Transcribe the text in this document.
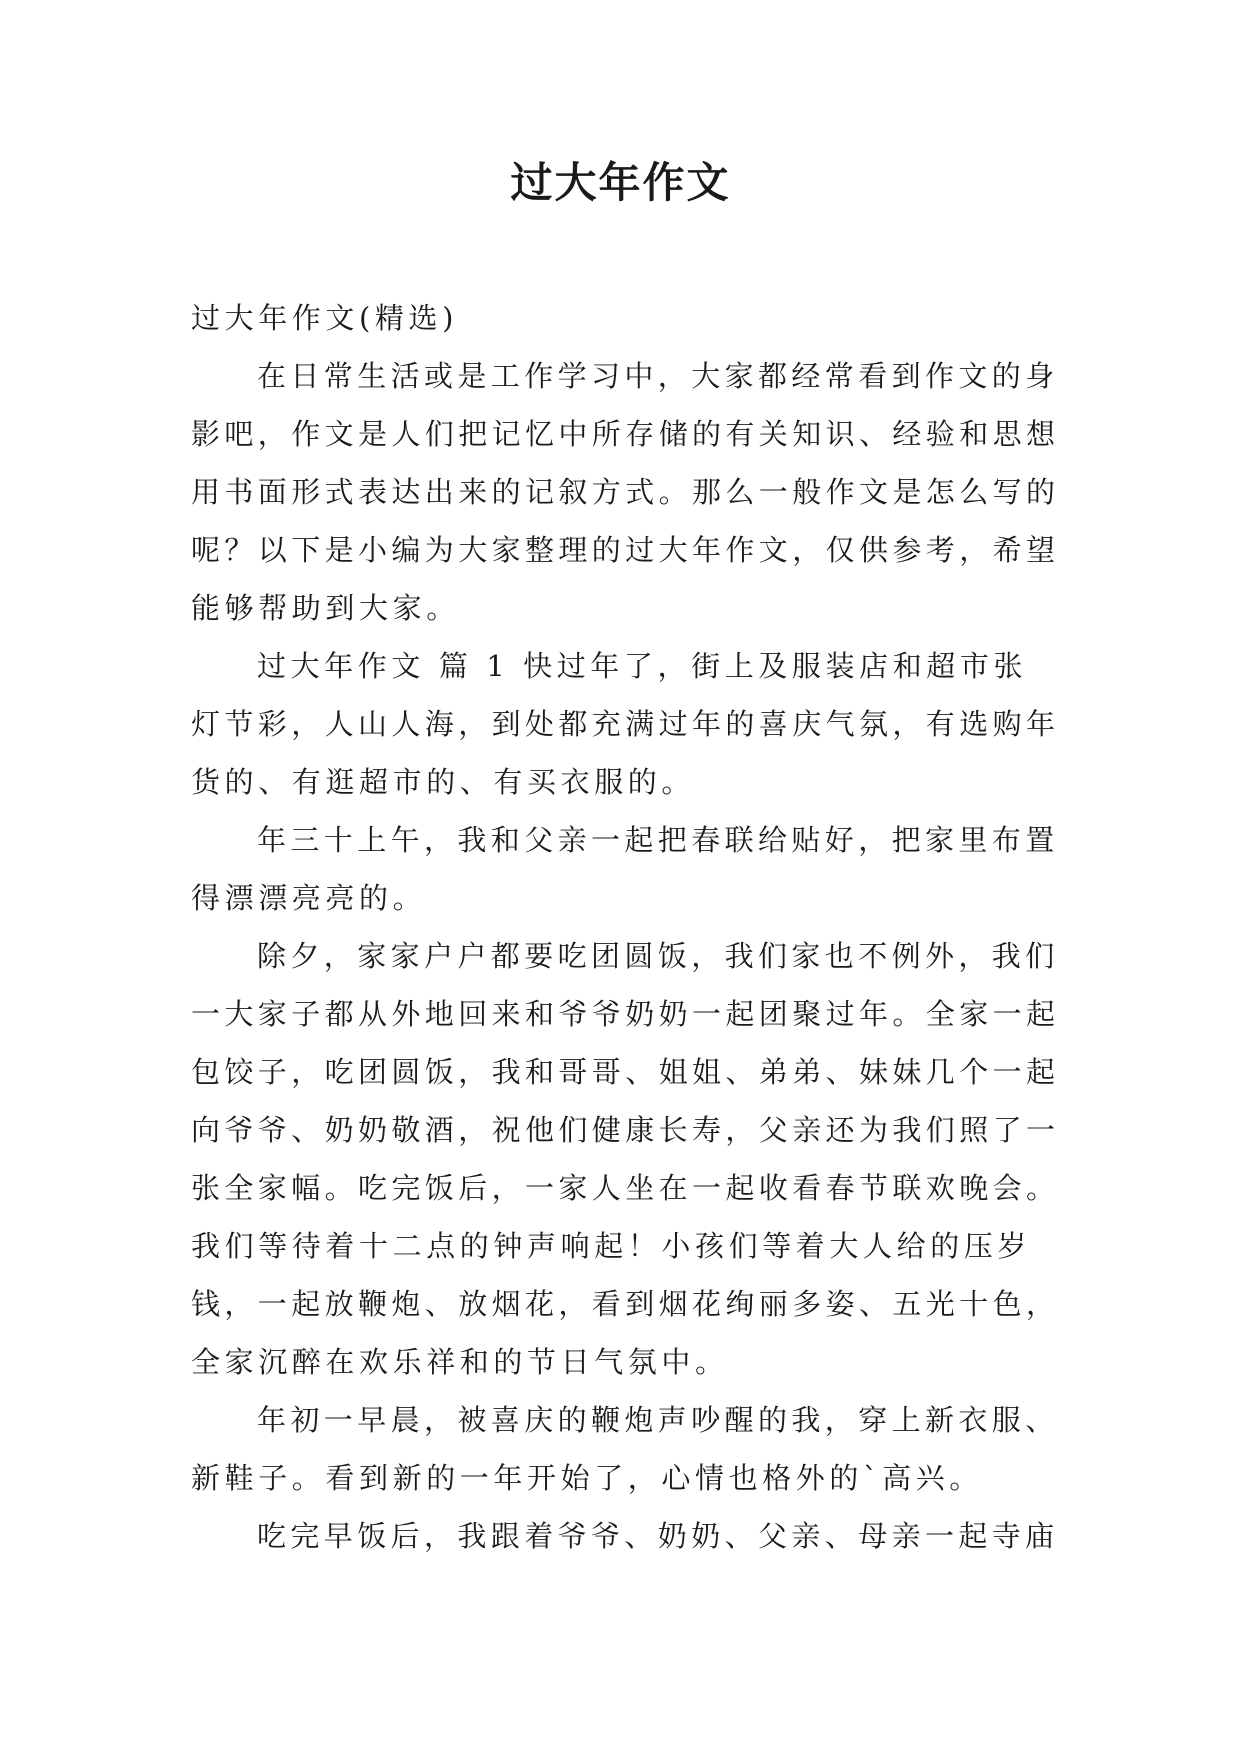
过大年作文
过大年作文(精选)
在日常生活或是工作学习中，大家都经常看到作文的身
影吧，作文是人们把记忆中所存储的有关知识、经验和思想
用书面形式表达出来的记叙方式。那么一般作文是怎么写的
呢？以下是小编为大家整理的过大年作文，仅供参考，希望
能够帮助到大家。
过大年作文 篇 1 快过年了，街上及服装店和超市张
灯节彩，人山人海，到处都充满过年的喜庆气氛，有选购年
货的、有逛超市的、有买衣服的。
年三十上午，我和父亲一起把春联给贴好，把家里布置
得漂漂亮亮的。
除夕，家家户户都要吃团圆饭，我们家也不例外，我们
一大家子都从外地回来和爷爷奶奶一起团聚过年。全家一起
包饺子，吃团圆饭，我和哥哥、姐姐、弟弟、妹妹几个一起
向爷爷、奶奶敬酒，祝他们健康长寿，父亲还为我们照了一
张全家幅。吃完饭后，一家人坐在一起收看春节联欢晚会。
我们等待着十二点的钟声响起！小孩们等着大人给的压岁
钱，一起放鞭炮、放烟花，看到烟花绚丽多姿、五光十色，
全家沉醉在欢乐祥和的节日气氛中。
年初一早晨，被喜庆的鞭炮声吵醒的我，穿上新衣服、
新鞋子。看到新的一年开始了，心情也格外的`高兴。
吃完早饭后，我跟着爷爷、奶奶、父亲、母亲一起寺庙
